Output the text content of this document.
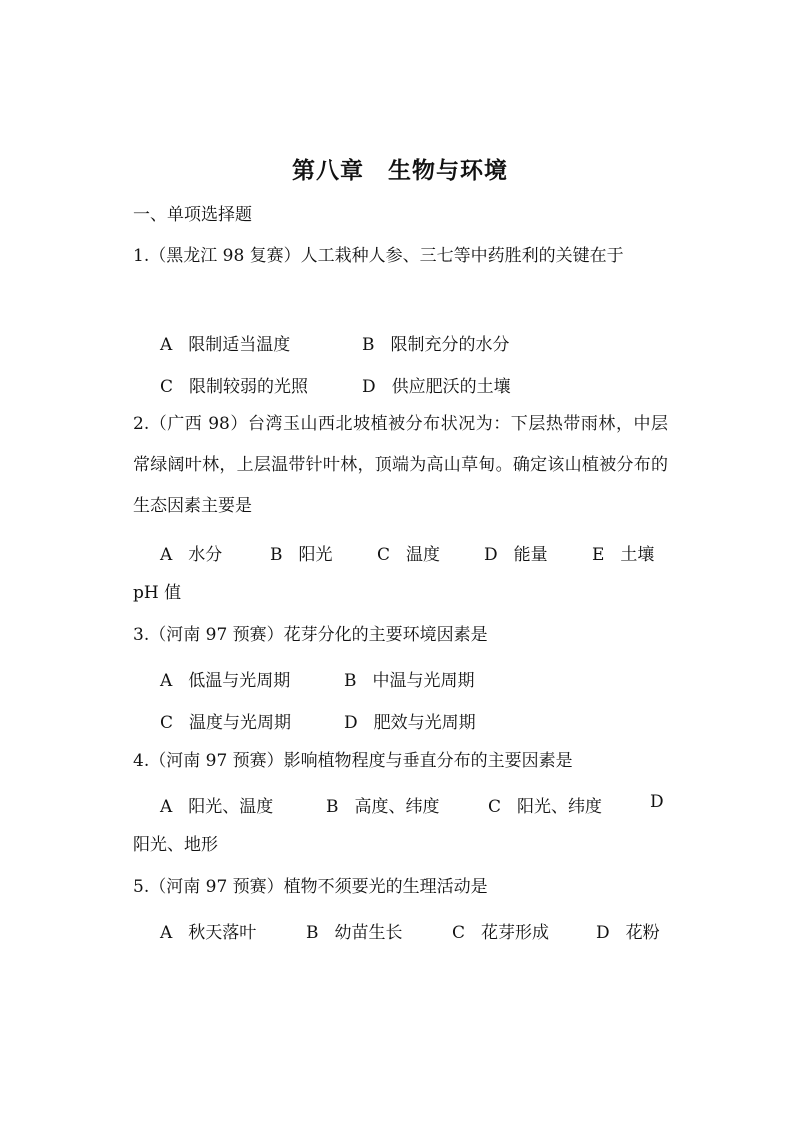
第八章　生物与环境
一、单项选择题
1.（黑龙江 98 复赛）人工栽种人参、三七等中药胜利的关键在于
A 限制适当温度	B 限制充分的水分
C 限制较弱的光照	D 供应肥沃的土壤
2.（广西 98）台湾玉山西北坡植被分布状况为：下层热带雨林，中层常绿阔叶林，上层温带针叶林，顶端为高山草甸。确定该山植被分布的生态因素主要是
A 水分	B 阳光	C 温度	D 能量	E 土壤
pH 值
3.（河南 97 预赛）花芽分化的主要环境因素是
A 低温与光周期	B 中温与光周期
C 温度与光周期	D 肥效与光周期
4.（河南 97 预赛）影响植物程度与垂直分布的主要因素是
A 阳光、温度	B 高度、纬度	C 阳光、纬度	D
阳光、地形
5.（河南 97 预赛）植物不须要光的生理活动是
A 秋天落叶	B 幼苗生长	C 花芽形成	D 花粉
